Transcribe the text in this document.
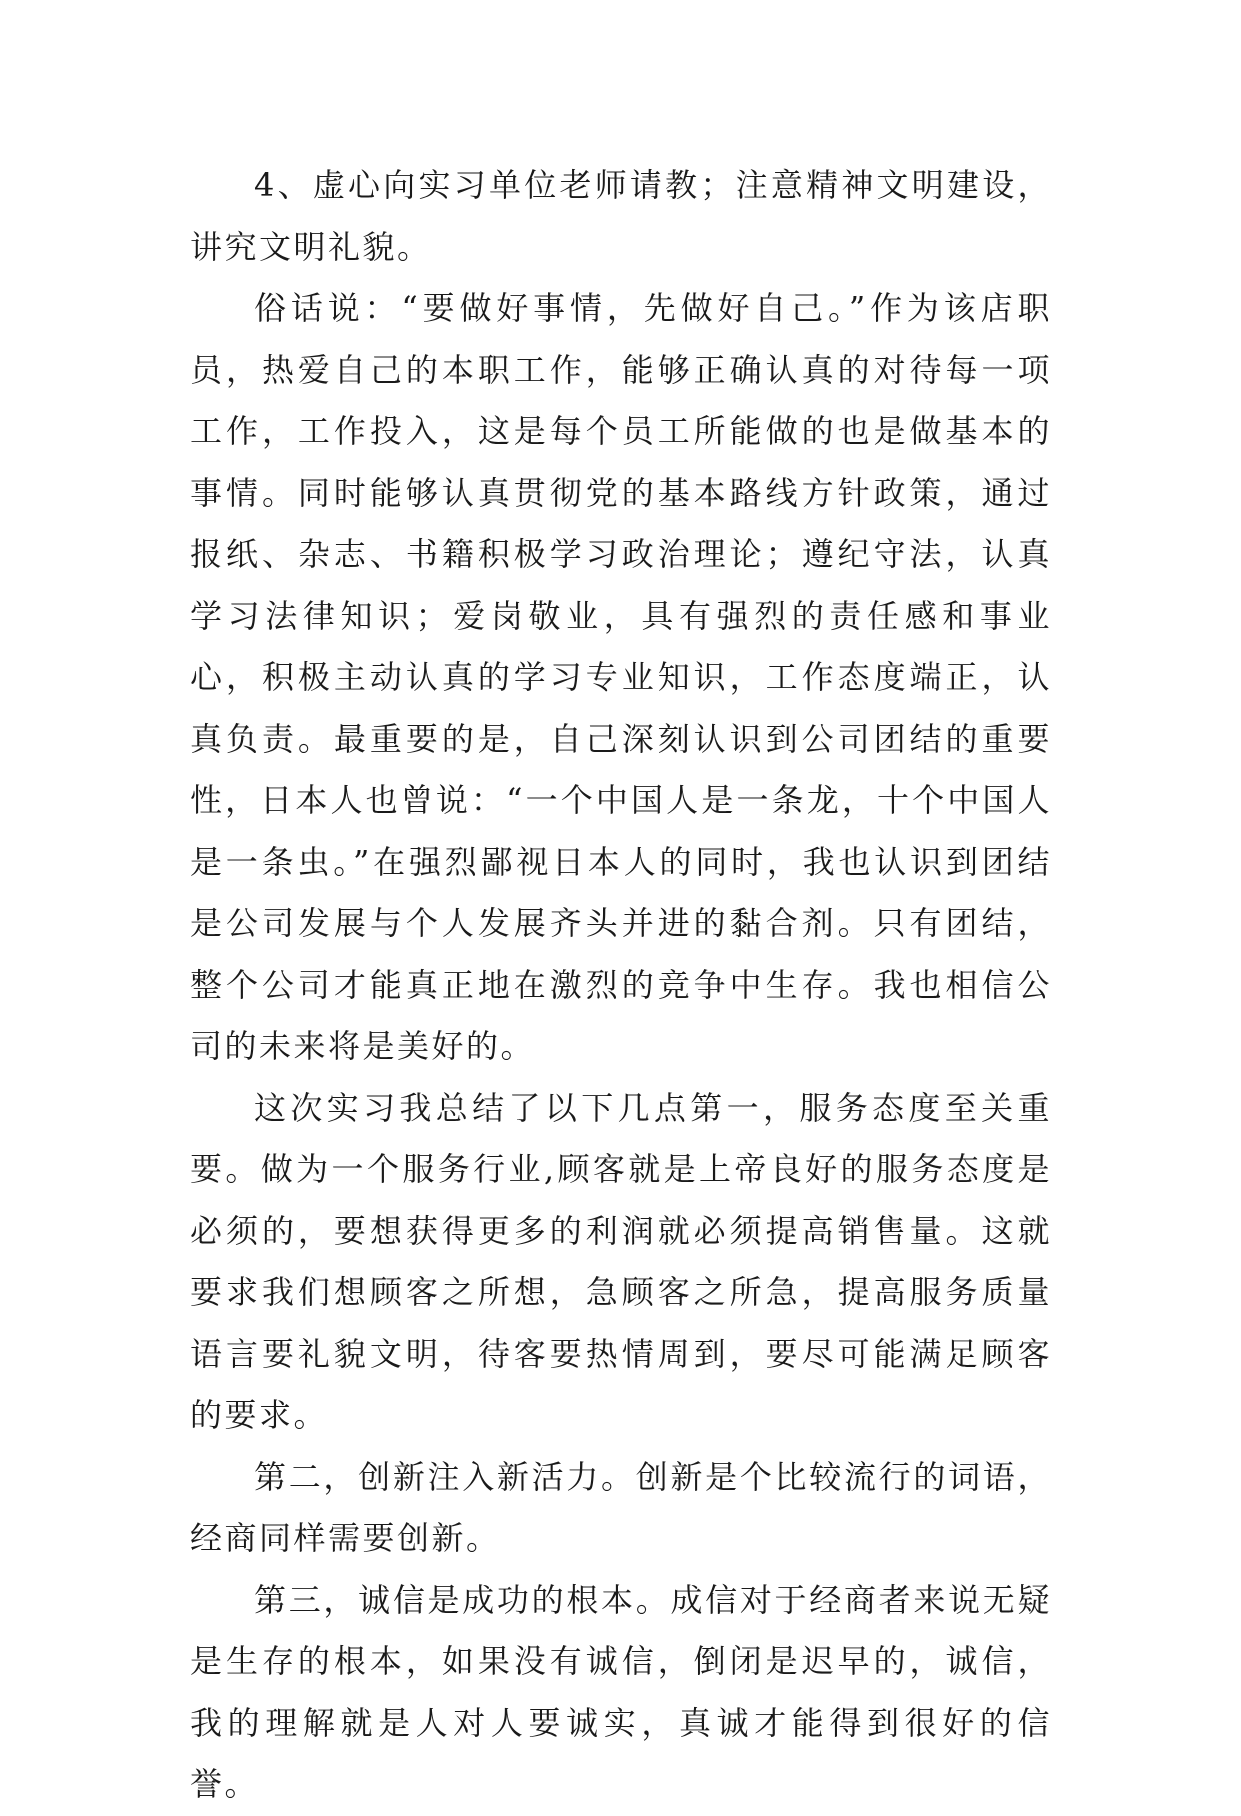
4、虚心向实习单位老师请教；注意精神文明建设，讲究文明礼貌。

俗话说：“要做好事情，先做好自己。”作为该店职员，热爱自己的本职工作，能够正确认真的对待每一项工作，工作投入，这是每个员工所能做的也是做基本的事情。同时能够认真贯彻党的基本路线方针政策，通过报纸、杂志、书籍积极学习政治理论；遵纪守法，认真学习法律知识；爱岗敬业，具有强烈的责任感和事业心，积极主动认真的学习专业知识，工作态度端正，认真负责。最重要的是，自己深刻认识到公司团结的重要性，日本人也曾说：“一个中国人是一条龙，十个中国人是一条虫。”在强烈鄙视日本人的同时，我也认识到团结是公司发展与个人发展齐头并进的黏合剂。只有团结，整个公司才能真正地在激烈的竞争中生存。我也相信公司的未来将是美好的。

这次实习我总结了以下几点第一，服务态度至关重要。做为一个服务行业,顾客就是上帝良好的服务态度是必须的，要想获得更多的利润就必须提高销售量。这就要求我们想顾客之所想，急顾客之所急，提高服务质量语言要礼貌文明，待客要热情周到，要尽可能满足顾客的要求。

第二，创新注入新活力。创新是个比较流行的词语，经商同样需要创新。

第三，诚信是成功的根本。成信对于经商者来说无疑是生存的根本，如果没有诚信，倒闭是迟早的，诚信，我的理解就是人对人要诚实，真诚才能得到很好的信誉。
